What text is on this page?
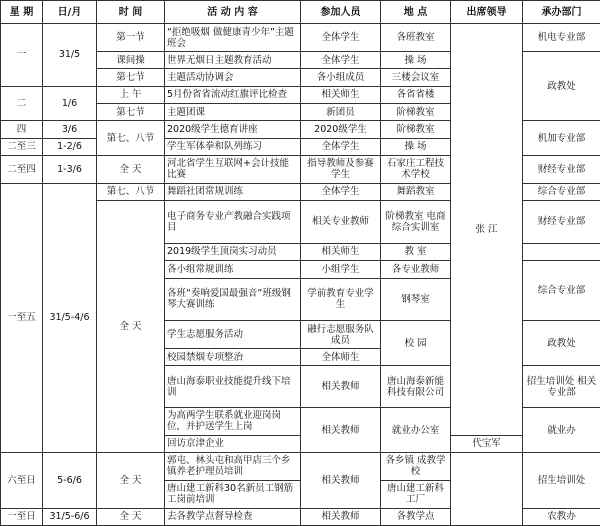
星 期	日/月	时 间	活 动 内 容	参加人员	地 点	出席领导	承办部门
一	31/5	第一节	“拒绝吸烟 做健康青少年”主题班会	全体学生	各班教室	张 江	机电专业部
		课间操	世界无烟日主题教育活动	全体学生	操 场		政教处
		第七节	主题活动协调会	各小组成员	三楼会议室		
二	1/6	上 午	5月份省省流动红旗评比检查	相关师生	各省省楼		
		第七节	主题团课	新团员	阶梯教室		
四	3/6	第七、八节	2020级学生德育讲座	2020级学生	阶梯教室		机加专业部
二至三	1-2/6		学生军体拳和队列练习	全体学生	操 场		
二至四	1-3/6	全 天	河北省学生互联网+会计技能比赛	指导教师及参赛学生	石家庄工程技术学校		财经专业部
一至五	31/5-4/6	第七、八节	舞蹈社团常规训练	全体学生	舞蹈教室		综合专业部
		全 天	电子商务专业产教融合实践项目	相关专业教师	阶梯教室 电商综合实训室		财经专业部
			2019级学生顶岗实习动员	相关师生	教 室		
			各小组常规训练	小组学生	各专业教师		综合专业部
			各班“奏响爱国最强音”班级钢琴大赛训练	学前教育专业学生	钢琴室		
			学生志愿服务活动	融行志愿服务队成员	校 园		政教处
			校园禁烟专项整治	全体师生			
			唐山海泰职业技能提升线下培训	相关教师	唐山海泰新能科技有限公司		招生培训处 相关专业部
			为高两学生联系就业迎岗岗位，并护送学生上岗	相关教师	就业办公室		就业办
			回访京津企业			代宝军	
六至日	5-6/6	全 天	郭屯、林头屯和高甲店三个乡镇养老护理员培训	相关教师	各乡镇 成教学校		招生培训处
			唐山建工新科30名新员工钢筋工岗前培训		唐山建工新科工厂		
一至日	31/5-6/6	全 天	去各教学点督导检查	相关教师	各教学点		农教办
